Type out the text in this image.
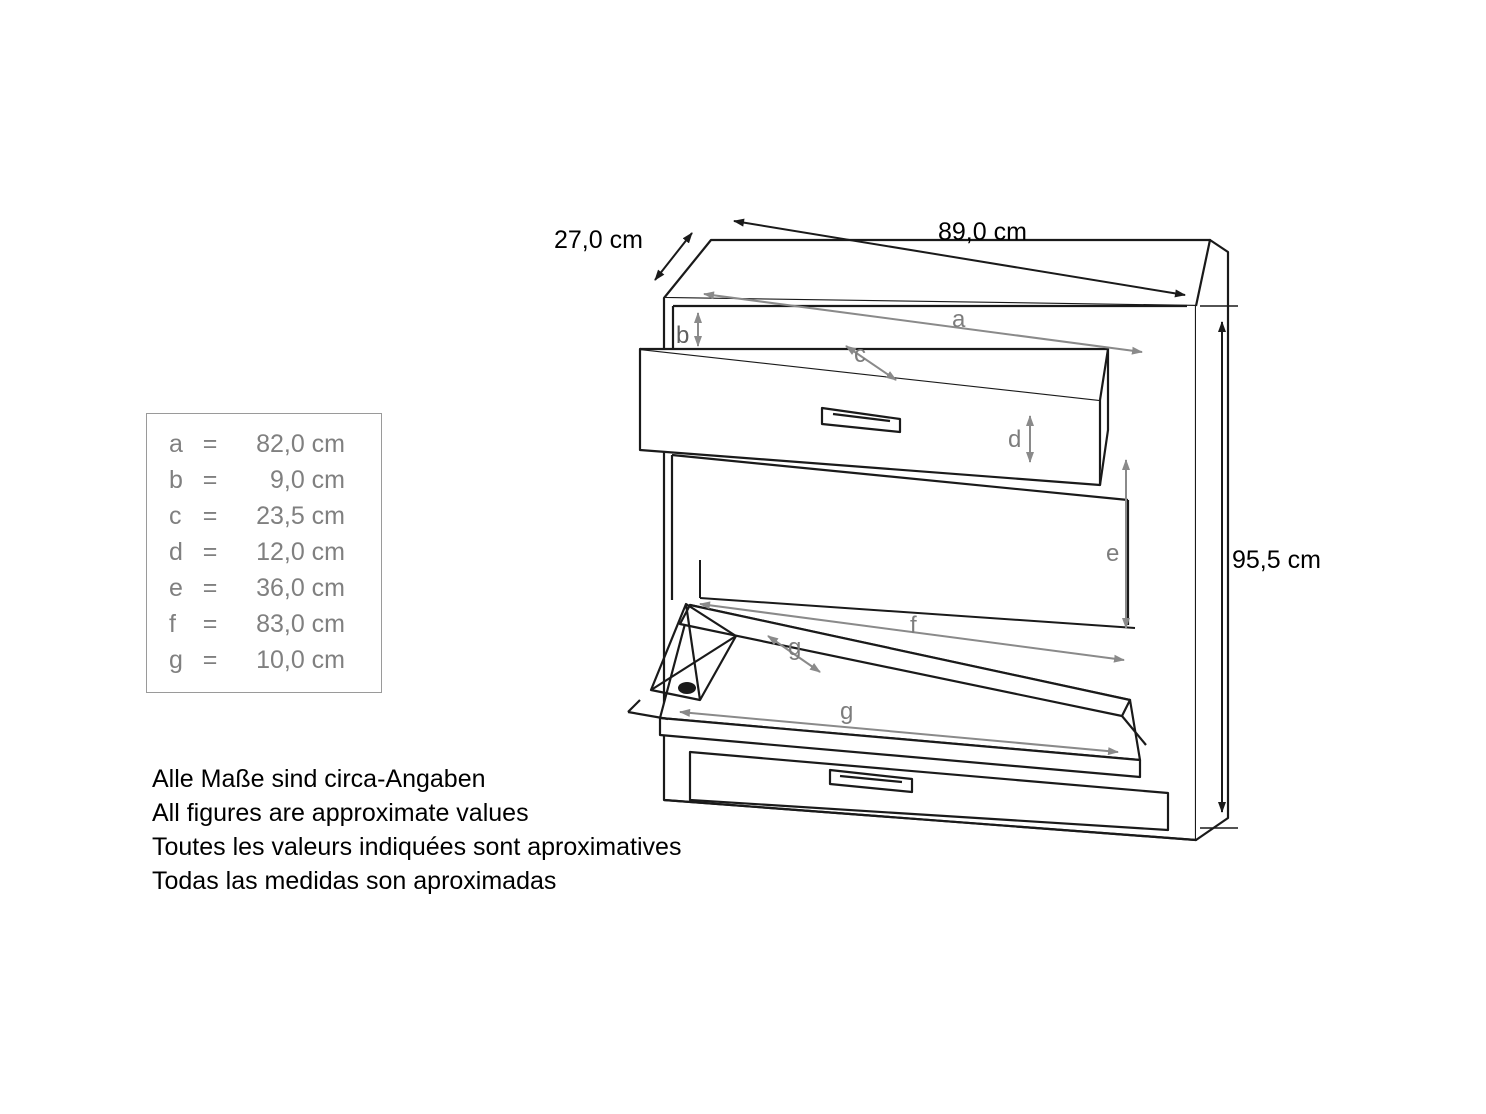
89,0 cm
27,0 cm
95,5 cm
a
b
c
d
e
f
g
g
a =	82,0 cm
b =	9,0 cm
c =	23,5 cm
d =	12,0 cm
e =	36,0 cm
f	=	83,0 cm
g =	10,0 cm
Alle Maße sind circa-Angaben
All figures are approximate values
Toutes les valeurs indiquées sont aproximatives
Todas las medidas son aproximadas
